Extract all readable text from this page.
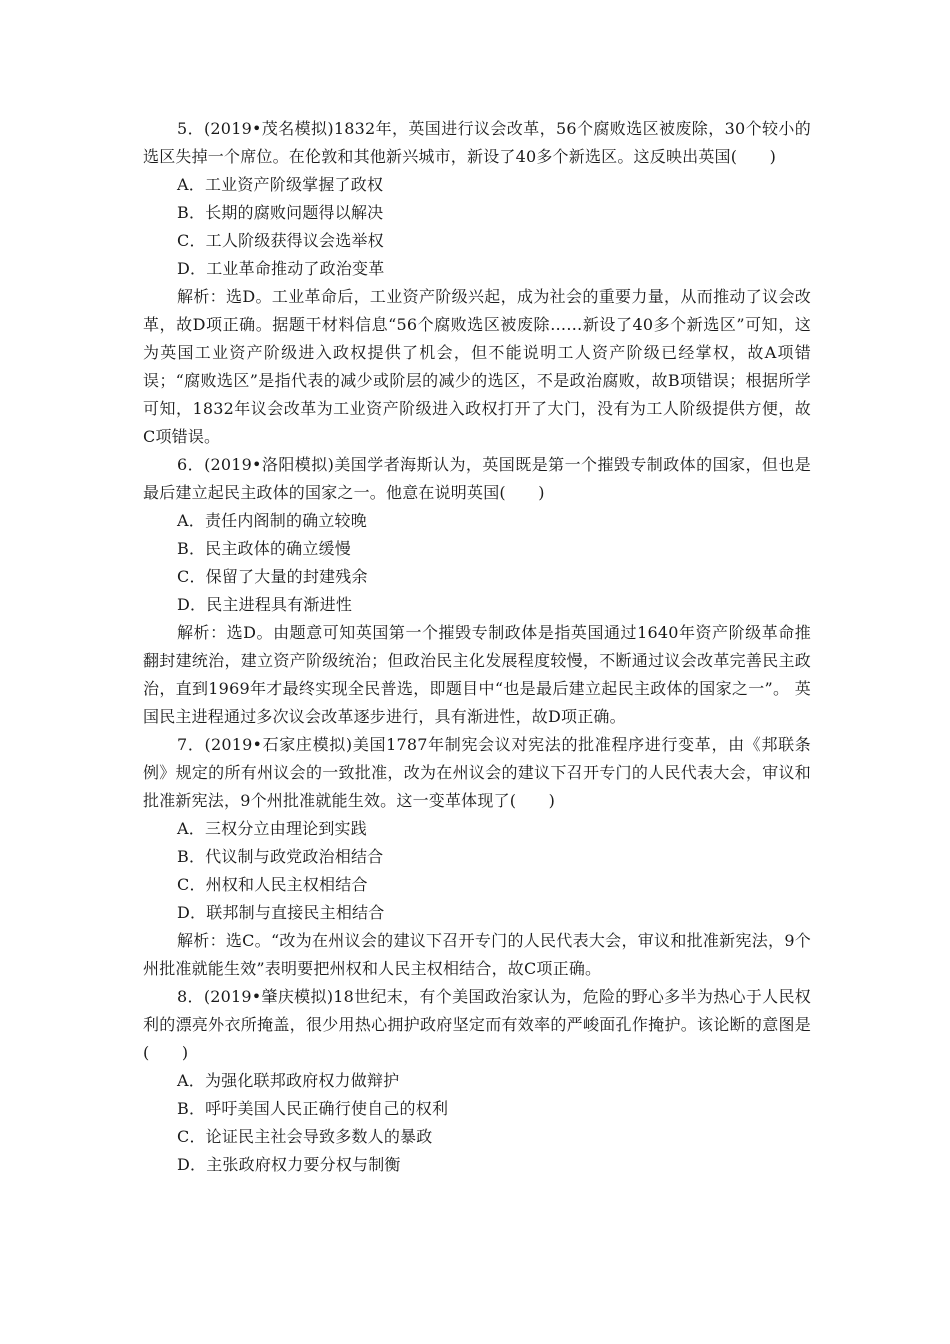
5．(2019•茂名模拟)1832年，英国进行议会改革，56个腐败选区被废除，30个较小的选区失掉一个席位。在伦敦和其他新兴城市，新设了40多个新选区。这反映出英国(　　)

A．工业资产阶级掌握了政权

B．长期的腐败问题得以解决

C．工人阶级获得议会选举权

D．工业革命推动了政治变革

解析：选D。工业革命后，工业资产阶级兴起，成为社会的重要力量，从而推动了议会改革，故D项正确。据题干材料信息“56个腐败选区被废除……新设了40多个新选区”可知，这为英国工业资产阶级进入政权提供了机会，但不能说明工人资产阶级已经掌权，故A项错误；“腐败选区”是指代表的减少或阶层的减少的选区，不是政治腐败，故B项错误；根据所学可知，1832年议会改革为工业资产阶级进入政权打开了大门，没有为工人阶级提供方便，故C项错误。

6．(2019•洛阳模拟)美国学者海斯认为，英国既是第一个摧毁专制政体的国家，但也是最后建立起民主政体的国家之一。他意在说明英国(　　)

A．责任内阁制的确立较晚

B．民主政体的确立缓慢

C．保留了大量的封建残余

D．民主进程具有渐进性

解析：选D。由题意可知英国第一个摧毁专制政体是指英国通过1640年资产阶级革命推翻封建统治，建立资产阶级统治；但政治民主化发展程度较慢，不断通过议会改革完善民主政治，直到1969年才最终实现全民普选，即题目中“也是最后建立起民主政体的国家之一”。 英国民主进程通过多次议会改革逐步进行，具有渐进性，故D项正确。

7．(2019•石家庄模拟)美国1787年制宪会议对宪法的批准程序进行变革，由《邦联条例》规定的所有州议会的一致批准，改为在州议会的建议下召开专门的人民代表大会，审议和批准新宪法，9个州批准就能生效。这一变革体现了(　　)

A．三权分立由理论到实践

B．代议制与政党政治相结合

C．州权和人民主权相结合

D．联邦制与直接民主相结合

解析：选C。“改为在州议会的建议下召开专门的人民代表大会，审议和批准新宪法，9个州批准就能生效”表明要把州权和人民主权相结合，故C项正确。

8．(2019•肇庆模拟)18世纪末，有个美国政治家认为，危险的野心多半为热心于人民权利的漂亮外衣所掩盖，很少用热心拥护政府坚定而有效率的严峻面孔作掩护。该论断的意图是(　　)

A．为强化联邦政府权力做辩护

B．呼吁美国人民正确行使自己的权利

C．论证民主社会导致多数人的暴政

D．主张政府权力要分权与制衡
